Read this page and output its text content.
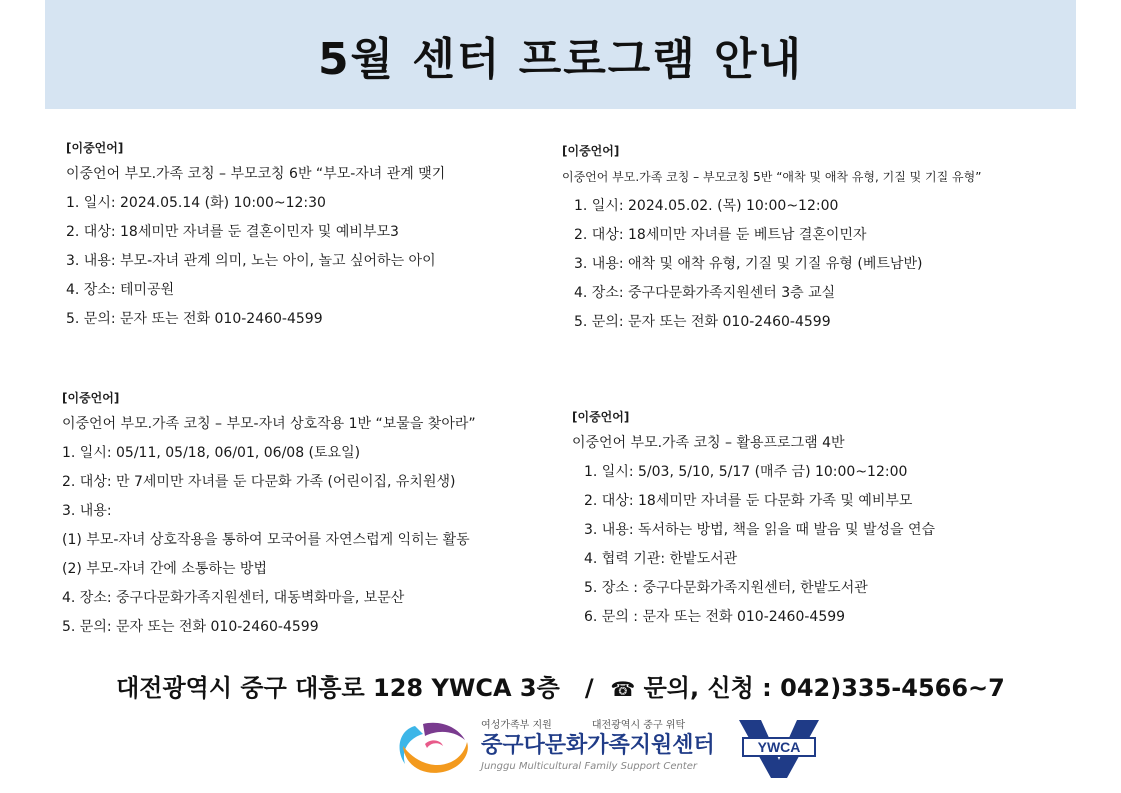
5월 센터 프로그램 안내
[이중언어]
이중언어 부모.가족 코칭 – 부모코칭 6반 “부모-자녀 관계 맺기
1. 일시: 2024.05.14 (화) 10:00~12:30
2. 대상: 18세미만 자녀를 둔 결혼이민자 및 예비부모3
3. 내용: 부모-자녀 관계 의미, 노는 아이, 놀고 싶어하는 아이
4. 장소: 테미공원
5. 문의: 문자 또는 전화 010-2460-4599
[이중언어]
이중언어 부모.가족 코칭 – 부모코칭 5반 “애착 및 애착 유형, 기질 및 기질 유형”
1. 일시: 2024.05.02. (목) 10:00~12:00
2. 대상: 18세미만 자녀를 둔 베트남 결혼이민자
3. 내용: 애착 및 애착 유형, 기질 및 기질 유형 (베트남반)
4. 장소: 중구다문화가족지원센터 3층 교실
5. 문의: 문자 또는 전화 010-2460-4599
[이중언어]
이중언어 부모.가족 코칭 – 부모-자녀 상호작용 1반 “보물을 찾아라”
1. 일시: 05/11, 05/18, 06/01, 06/08 (토요일)
2. 대상: 만 7세미만 자녀를 둔 다문화 가족 (어린이집, 유치원생)
3. 내용:
(1) 부모-자녀 상호작용을 통하여 모국어를 자연스럽게 익히는 활동
(2) 부모-자녀 간에 소통하는 방법
4. 장소: 중구다문화가족지원센터, 대동벽화마을, 보문산
5. 문의: 문자 또는 전화 010-2460-4599
[이중언어]
이중언어 부모.가족 코칭 – 활용프로그램 4반
1. 일시: 5/03, 5/10, 5/17 (매주 금) 10:00~12:00
2. 대상: 18세미만 자녀를 둔 다문화 가족 및 예비부모
3. 내용: 독서하는 방법, 책을 읽을 때 발음 및 발성을 연습
4. 협력 기관: 한밭도서관
5. 장소 : 중구다문화가족지원센터, 한밭도서관
6. 문의 : 문자 또는 전화 010-2460-4599
대전광역시 중구 대흥로 128 YWCA 3층 / ☎ 문의, 신청 : 042)335-4566~7
여성가족부 지원	대전광역시 중구 위탁
중구다문화가족지원센터
Junggu Multicultural Family Support Center
YWCA
